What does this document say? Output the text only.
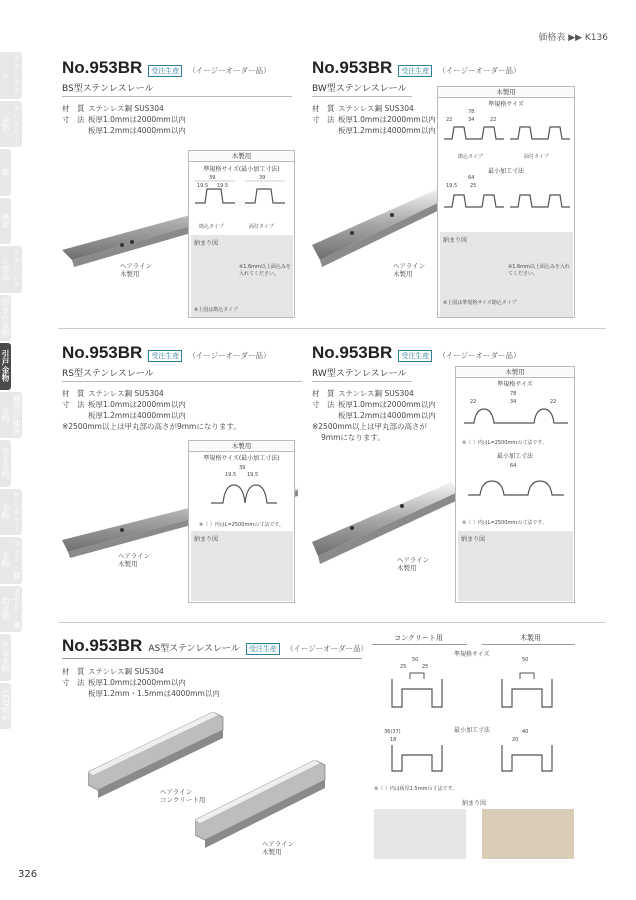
価格表 ▶▶ K136
ドアシステム
ラバトリー金物
錠
構造
ドアハンドル部品
開き戸金物
引戸金物
棚受け補強金物
安全金物
サニタリー金物
フック・棚金物
手すり・補助金物
外装金物
LED照明
No.953BR	受注生産	（イージーオーダー品）
BS型ステンレスレール
材　質 ステンレス鋼 SUS304
寸　法 板厚1.0mmは2000mm以内
板厚1.2mmは4000mm以内
ヘアライン
木製用
木製用
準規格サイズ(最小加工寸法)
39
19.5 19.5
39
勘込タイプ	面付タイプ
納まり図
※1.6mm以上面込みを入れてください。
※上図は勘込タイプ
No.953BR	受注生産	（イージーオーダー品）
BW型ステンレスレール
材　質 ステンレス鋼 SUS304
寸　法 板厚1.0mmは2000mm以内
板厚1.2mmは4000mm以内
ヘアライン
木製用
木製用
準規格サイズ
78
22	34	22
勘込タイプ	面付タイプ
最小加工寸法
64
19.5	25
納まり図
※1.6mm以上面込みを入れてください。
※上図は準規格サイズ勘込タイプ
No.953BR	受注生産	（イージーオーダー品）
RS型ステンレスレール
材　質 ステンレス鋼 SUS304
寸　法 板厚1.0mmは2000mm以内
板厚1.2mmは4000mm以内
※2500mm以上は甲丸部の高さが9mmになります。
ヘアライン
木製用
木製用
準規格サイズ(最小加工寸法)
39
19.5 19.5
※（ ）内はL=2500mmの寸法です。
納まり図
No.953BR	受注生産	（イージーオーダー品）
RW型ステンレスレール
材　質 ステンレス鋼 SUS304
寸　法 板厚1.0mmは2000mm以内
板厚1.2mmは4000mm以内
※2500mm以上は甲丸部の高さが
9mmになります。
ヘアライン
木製用
木製用
準規格サイズ
78
22	34	22
※（ ）内はL=2500mmの寸法です。
最小加工寸法
64
※（ ）内はL=2500mmの寸法です。
納まり図
No.953BR AS型ステンレスレール	受注生産	（イージーオーダー品）
材　質 ステンレス鋼 SUS304
寸　法 板厚1.0mmは2000mm以内
板厚1.2mm・1.5mmは4000mm以内
ヘアライン
コンクリート用
ヘアライン
木製用
コンクリート用	木製用
準規格サイズ
50
25	25
50
最小加工寸法
36(37)
18
40
20
※（ ）内は板厚1.5mmの寸法です。
納まり図
326
